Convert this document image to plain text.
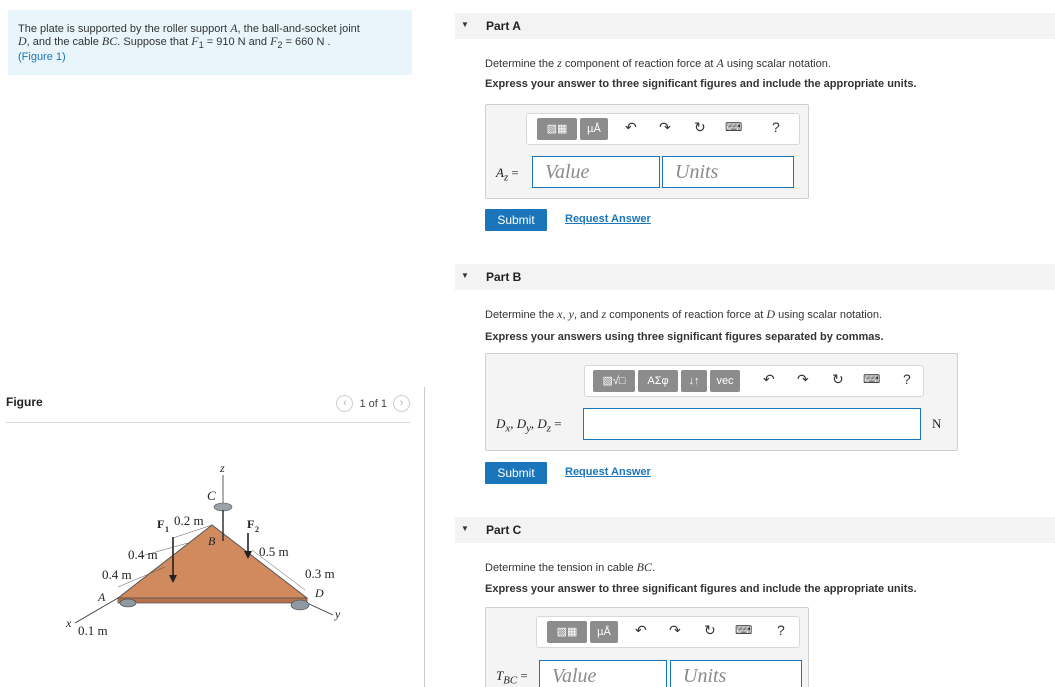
The plate is supported by the roller support A, the ball-and-socket joint
D, and the cable BC. Suppose that $F_1 = 910$ N and $F_2 = 660$ N .
(Figure 1)
Figure	‹	1 of 1	›
z
C
B
F 1	F 2
0.2 m
0.4 m
0.4 m
0.5 m
0.3 m
0.1 m
A	D
x
y
▼ Part A
Determine the z component of reaction force at A using scalar notation.
Express your answer to three significant figures and include the appropriate units.
▧▦	µÅ	↶ ↷ ↻ ⌨ ?
$A_z$ =	Value	Units
Submit	Request Answer
▼ Part B
Determine the x, y, and z components of reaction force at D using scalar notation.
Express your answers using three significant figures separated by commas.
▧√□	ΑΣφ	↓↑	vec	↶ ↷ ↻ ⌨ ?
$D_x$, $D_y$, $D_z$ =	N
Submit	Request Answer
▼ Part C
Determine the tension in cable BC.
Express your answer to three significant figures and include the appropriate units.
▧▦	µÅ	↶ ↷ ↻ ⌨ ?
$T_{BC}$ =	Value	Units
